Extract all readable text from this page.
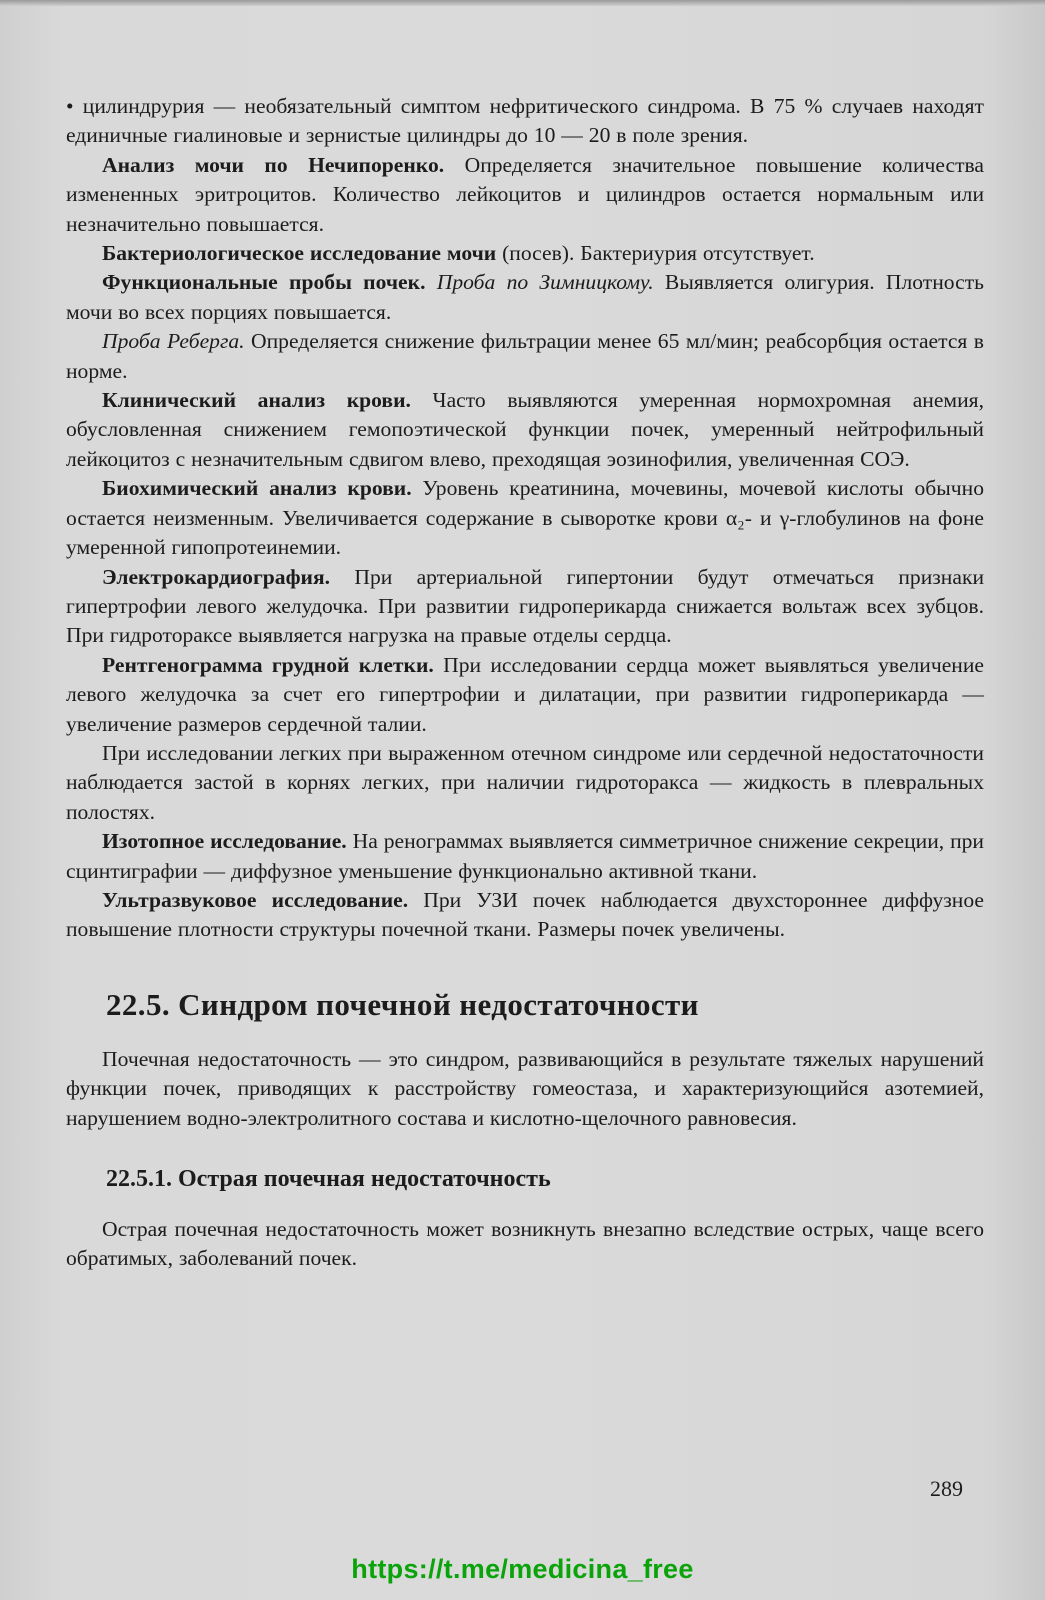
• цилиндрурия — необязательный симптом нефритического синдрома. В 75 % случаев находят единичные гиалиновые и зернистые цилиндры до 10 — 20 в поле зрения.

Анализ мочи по Нечипоренко. Определяется значительное повышение количества измененных эритроцитов. Количество лейкоцитов и цилиндров остается нормальным или незначительно повышается.

Бактериологическое исследование мочи (посев). Бактериурия отсутствует.

Функциональные пробы почек. Проба по Зимницкому. Выявляется олигурия. Плотность мочи во всех порциях повышается.

Проба Реберга. Определяется снижение фильтрации менее 65 мл/мин; реабсорбция остается в норме.

Клинический анализ крови. Часто выявляются умеренная нормохромная анемия, обусловленная снижением гемопоэтической функции почек, умеренный нейтрофильный лейкоцитоз с незначительным сдвигом влево, преходящая эозинофилия, увеличенная СОЭ.

Биохимический анализ крови. Уровень креатинина, мочевины, мочевой кислоты обычно остается неизменным. Увеличивается содержание в сыворотке крови α₂- и γ-глобулинов на фоне умеренной гипопротеинемии.

Электрокардиография. При артериальной гипертонии будут отмечаться признаки гипертрофии левого желудочка. При развитии гидроперикарда снижается вольтаж всех зубцов. При гидротораксе выявляется нагрузка на правые отделы сердца.

Рентгенограмма грудной клетки. При исследовании сердца может выявляться увеличение левого желудочка за счет его гипертрофии и дилатации, при развитии гидроперикарда — увеличение размеров сердечной талии.

При исследовании легких при выраженном отечном синдроме или сердечной недостаточности наблюдается застой в корнях легких, при наличии гидроторакса — жидкость в плевральных полостях.

Изотопное исследование. На ренограммах выявляется симметричное снижение секреции, при сцинтиграфии — диффузное уменьшение функционально активной ткани.

Ультразвуковое исследование. При УЗИ почек наблюдается двухстороннее диффузное повышение плотности структуры почечной ткани. Размеры почек увеличены.

22.5. Синдром почечной недостаточности

Почечная недостаточность — это синдром, развивающийся в результате тяжелых нарушений функции почек, приводящих к расстройству гомеостаза, и характеризующийся азотемией, нарушением водно-электролитного состава и кислотно-щелочного равновесия.

22.5.1. Острая почечная недостаточность

Острая почечная недостаточность может возникнуть внезапно вследствие острых, чаще всего обратимых, заболеваний почек.

289
https://t.me/medicina_free
